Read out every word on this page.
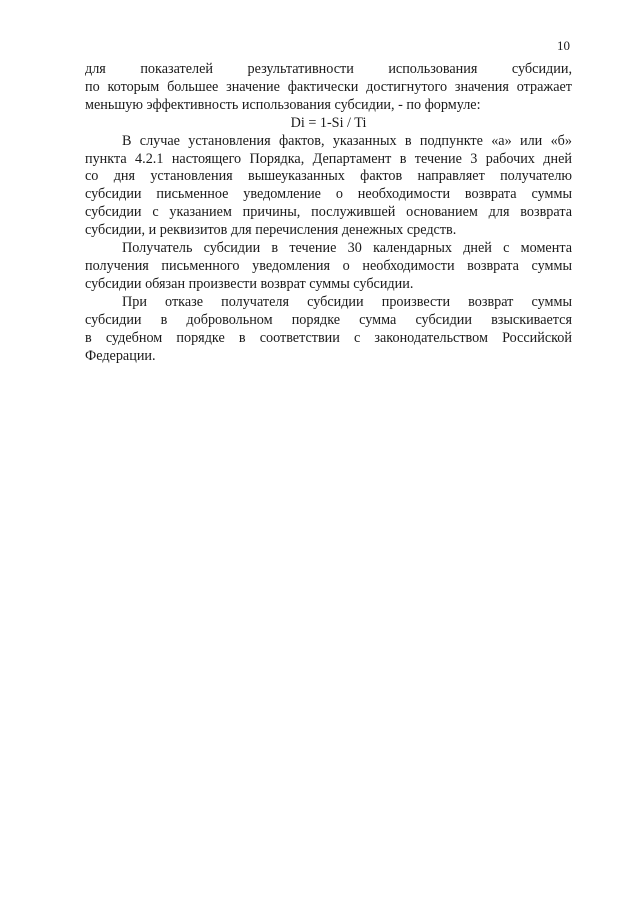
10
для показателей результативности использования субсидии,
по которым большее значение фактически достигнутого значения отражает
меньшую эффективность использования субсидии, - по формуле:
Di = 1-Si / Ti
В случае установления фактов, указанных в подпункте «а» или «б»
пункта 4.2.1 настоящего Порядка, Департамент в течение 3 рабочих дней
со дня установления вышеуказанных фактов направляет получателю
субсидии письменное уведомление о необходимости возврата суммы
субсидии с указанием причины, послужившей основанием для возврата
субсидии, и реквизитов для перечисления денежных средств.
Получатель субсидии в течение 30 календарных дней с момента
получения письменного уведомления о необходимости возврата суммы
субсидии обязан произвести возврат суммы субсидии.
При отказе получателя субсидии произвести возврат суммы
субсидии в добровольном порядке сумма субсидии взыскивается
в судебном порядке в соответствии с законодательством Российской
Федерации.
